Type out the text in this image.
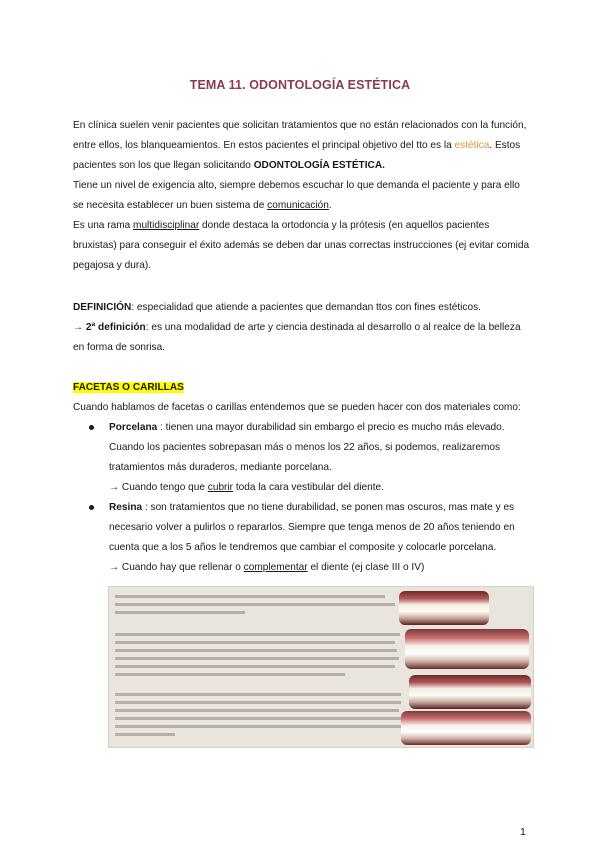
TEMA 11. ODONTOLOGÍA ESTÉTICA

En clínica suelen venir pacientes que solicitan tratamientos que no están relacionados con la función,

entre ellos, los blanqueamientos. En estos pacientes el principal objetivo del tto es la estética. Estos

pacientes son los que llegan solicitando ODONTOLOGÍA ESTÉTICA.

Tiene un nivel de exigencia alto, siempre debemos escuchar lo que demanda el paciente y para ello

se necesita establecer un buen sistema de comunicación.

Es una rama multidisciplinar donde destaca la ortodoncia y la prótesis (en aquellos pacientes

bruxistas) para conseguir el éxito además se deben dar unas correctas instrucciones (ej evitar comida

pegajosa y dura).

DEFINICIÓN: especialidad que atiende a pacientes que demandan ttos con fines estéticos.

→ 2ª definición: es una modalidad de arte y ciencia destinada al desarrollo o al realce de la belleza

en forma de sonrisa.

FACETAS O CARILLAS

Cuando hablamos de facetas o carillas entendemos que se pueden hacer con dos materiales como:

Porcelana : tienen una mayor durabilidad sin embargo el precio es mucho más elevado.
Cuando los pacientes sobrepasan más o menos los 22 años, si podemos, realizaremos
tratamientos más duraderos, mediante porcelana.
→ Cuando tengo que cubrir toda la cara vestibular del diente.
Resina : son tratamientos que no tiene durabilidad, se ponen mas oscuros, mas mate y es
necesario volver a pulirlos o repararlos. Siempre que tenga menos de 20 años teniendo en
cuenta que a los 5 años le tendremos que cambiar el composite y colocarle porcelana.
→ Cuando hay que rellenar o complementar el diente (ej clase III o IV)
1
